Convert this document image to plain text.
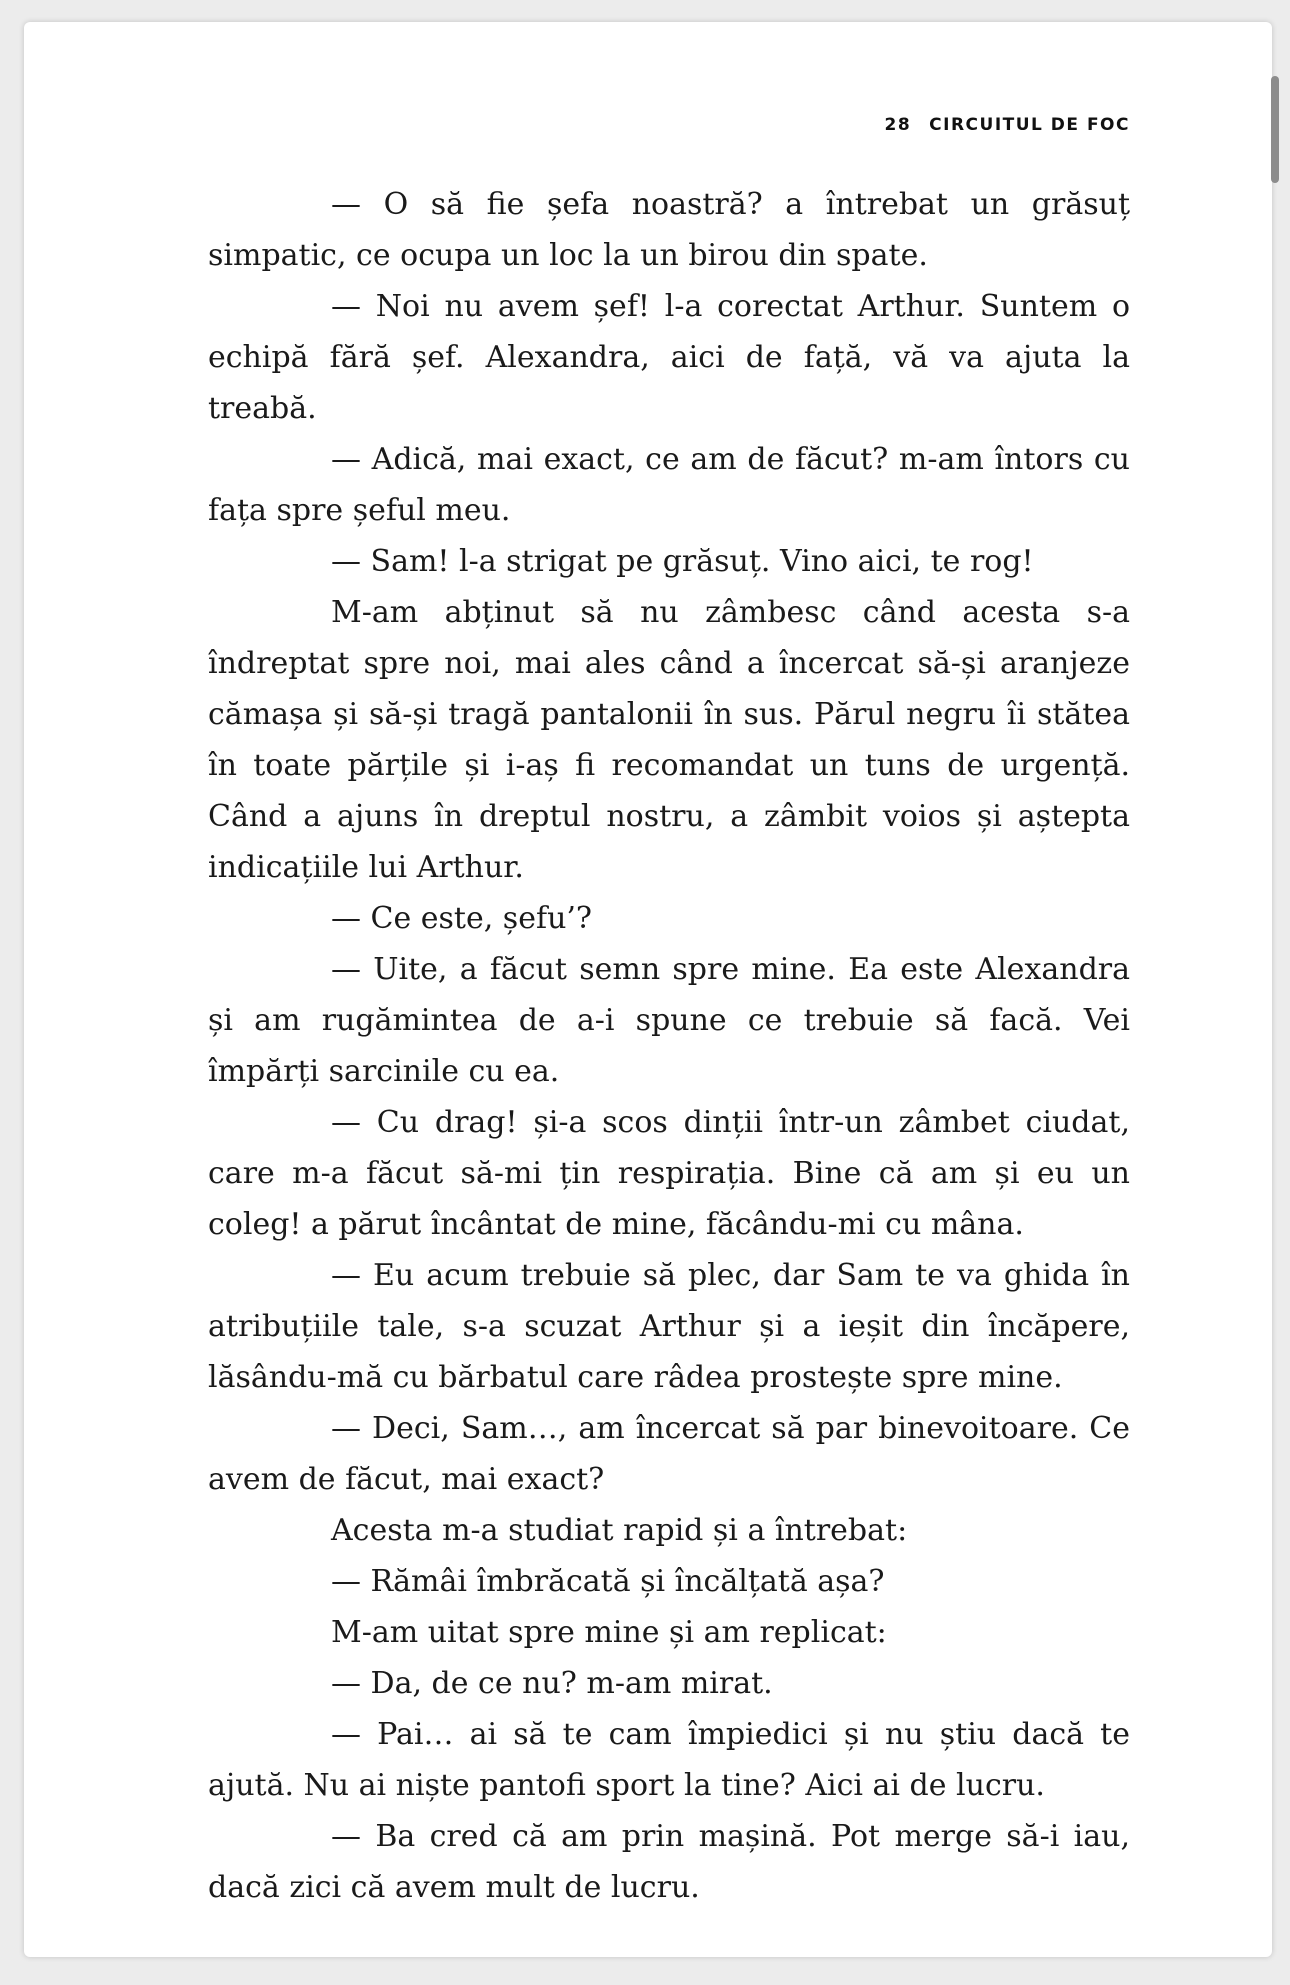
28 CIRCUITUL DE FOC

— O să fie șefa noastră? a întrebat un grăsuț simpatic, ce ocupa un loc la un birou din spate.

— Noi nu avem șef! l-a corectat Arthur. Suntem o echipă fără șef. Alexandra, aici de față, vă va ajuta la treabă.

— Adică, mai exact, ce am de făcut? m-am întors cu fața spre șeful meu.

— Sam! l-a strigat pe grăsuț. Vino aici, te rog!

M-am abținut să nu zâmbesc când acesta s-a îndreptat spre noi, mai ales când a încercat să-și aranjeze cămașa și să-și tragă pantalonii în sus. Părul negru îi stătea în toate părțile și i-aș fi recomandat un tuns de urgență. Când a ajuns în dreptul nostru, a zâmbit voios și aștepta indicațiile lui Arthur.

— Ce este, șefu’?

— Uite, a făcut semn spre mine. Ea este Alexandra și am rugămintea de a-i spune ce trebuie să facă. Vei împărți sarcinile cu ea.

— Cu drag! și-a scos dinții într-un zâmbet ciudat, care m-a făcut să-mi țin respirația. Bine că am și eu un coleg! a părut încântat de mine, făcându-mi cu mâna.

— Eu acum trebuie să plec, dar Sam te va ghida în atribuțiile tale, s-a scuzat Arthur și a ieșit din încăpere, lăsându-mă cu bărbatul care râdea prostește spre mine.

— Deci, Sam…, am încercat să par binevoitoare. Ce avem de făcut, mai exact?

Acesta m-a studiat rapid și a întrebat:

— Rămâi îmbrăcată și încălțată așa?

M-am uitat spre mine și am replicat:

— Da, de ce nu? m-am mirat.

— Pai… ai să te cam împiedici și nu știu dacă te ajută. Nu ai niște pantofi sport la tine? Aici ai de lucru.

— Ba cred că am prin mașină. Pot merge să-i iau, dacă zici că avem mult de lucru.
